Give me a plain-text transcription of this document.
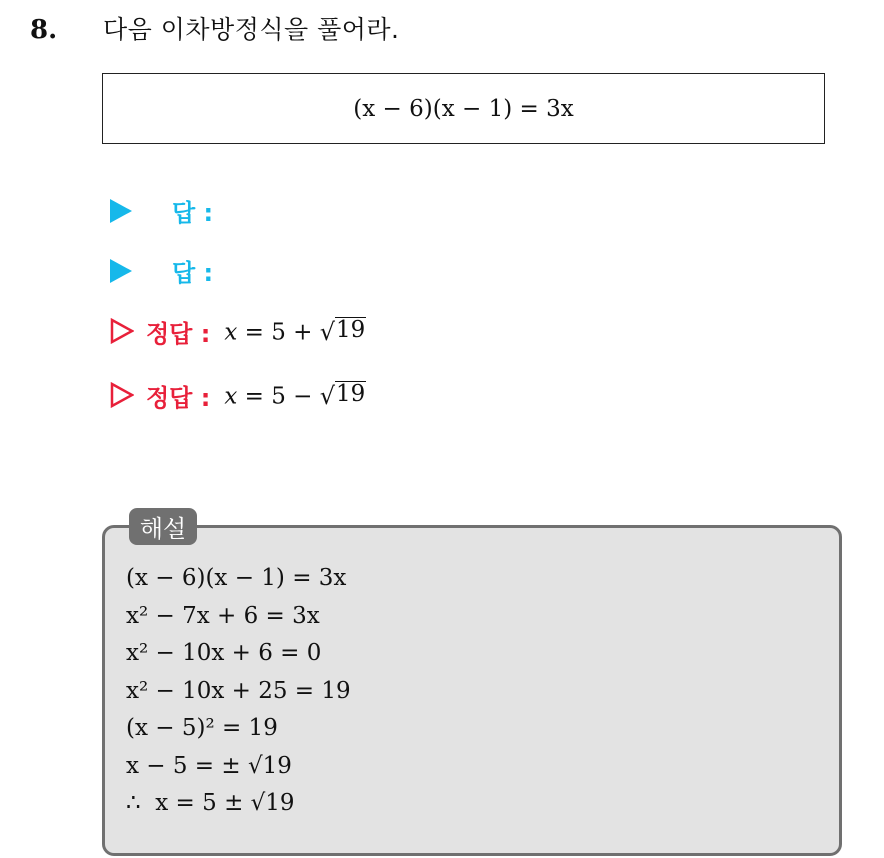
8. 다음 이차방정식을 풀어라.
(x − 6)(x − 1) = 3x
답 :
답 :
정답 : x = 5 + √ 19
정답 : x = 5 − √ 19
해설
(x − 6)(x − 1) = 3x
x² − 7x + 6 = 3x
x² − 10x + 6 = 0
x² − 10x + 25 = 19
(x − 5)² = 19
x − 5 = ± √19
∴  x = 5 ± √19
